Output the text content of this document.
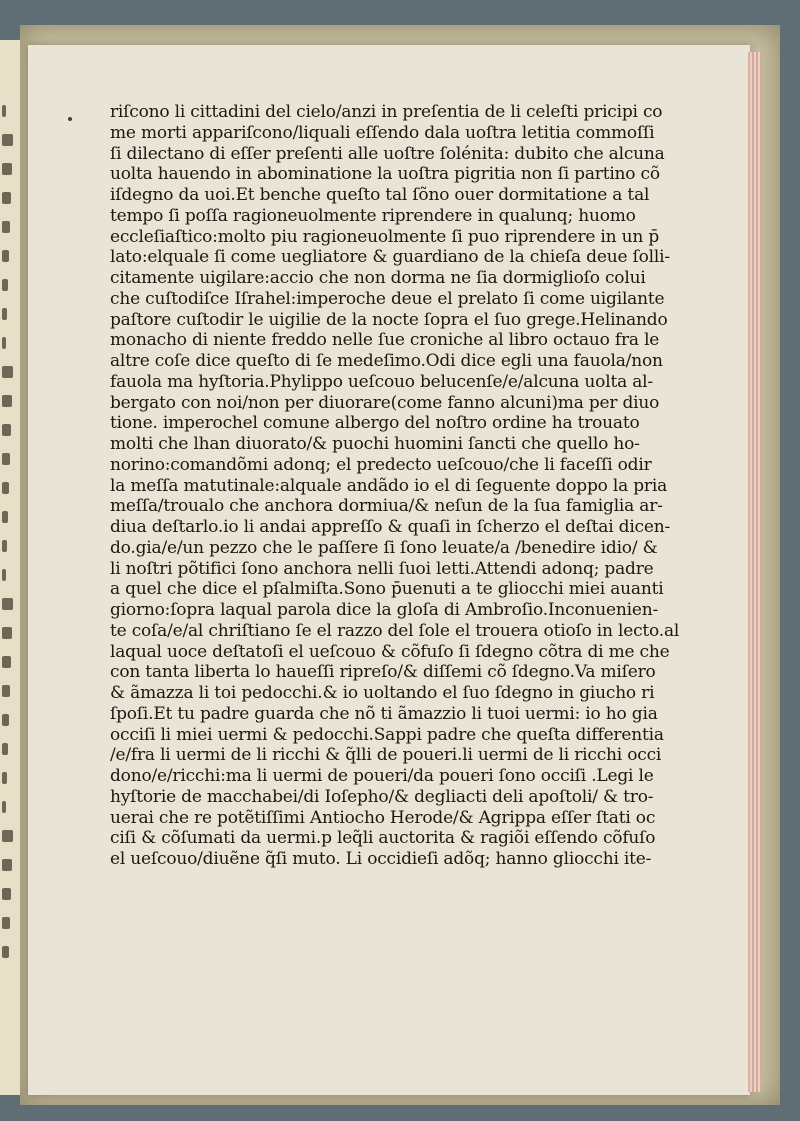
riſcono li cittadini del cielo/anzi in preſentia de li celeſti pricipi co
me morti appariſcono/liquali eſſendo dala uoſtra letitia commoſſi
ſi dilectano di eſſer preſenti alle uoſtre ſolénita: dubito che alcuna
uolta hauendo in abominatione la uoſtra pigritia non ſi partino cõ
iſdegno da uoi.Et benche queſto tal ſõno ouer dormitatione a tal
tempo ſi poſſa ragioneuolmente riprendere in qualunq; huomo
eccleſiaſtico:molto piu ragioneuolmente ſi puo riprendere in un p̄
lato:elquale ſi come uegliatore & guardiano de la chieſa deue ſolli-
citamente uigilare:accio che non dorma ne ſia dormiglioſo colui
che cuſtodiſce Iſrahel:imperoche deue el prelato ſi come uigilante
paſtore cuſtodir le uigilie de la nocte ſopra el ſuo grege.Helinando
monacho di niente freddo nelle ſue croniche al libro octauo fra le
altre coſe dice queſto di ſe medeſimo.Odi dice egli una fauola/non
fauola ma hyſtoria.Phylippo ueſcouo belucenſe/e/alcuna uolta al-
bergato con noi/non per diuorare(come fanno alcuni)ma per diuo
tione. imperochel comune albergo del noſtro ordine ha trouato
molti che lhan diuorato/& puochi huomini ſancti che quello ho-
norino:comandõmi adonq; el predecto ueſcouo/che li faceſſi odir
la meſſa matutinale:alquale andãdo io el di ſeguente doppo la pria
meſſa/troualo che anchora dormiua/& neſun de la ſua famiglia ar-
diua deſtarlo.io li andai appreſſo & quaſi in ſcherzo el deſtai dicen-
do.gia/e/un pezzo che le paſſere ſi ſono leuate/a /benedire idio/ &
li noſtri põtifici ſono anchora nelli ſuoi letti.Attendi adonq; padre
a quel che dice el pſalmiſta.Sono p̄uenuti a te gliocchi miei auanti
giorno:ſopra laqual parola dice la gloſa di Ambroſio.Inconuenien-
te coſa/e/al chriſtiano ſe el razzo del ſole el trouera otioſo in lecto.al
laqual uoce deſtatoſi el ueſcouo & cõfuſo ſi ſdegno cõtra di me che
con tanta liberta lo haueſſi ripreſo/& diſſemi cõ ſdegno.Va miſero
& ãmazza li toi pedocchi.& io uoltando el ſuo ſdegno in giucho ri
ſpoſi.Et tu padre guarda che nõ ti ãmazzio li tuoi uermi: io ho gia
occiſi li miei uermi & pedocchi.Sappi padre che queſta differentia
/e/fra li uermi de li ricchi & q̃lli de poueri.li uermi de li ricchi occi
dono/e/ricchi:ma li uermi de poueri/da poueri ſono occiſi .Legi le
hyſtorie de macchabei/di Ioſepho/& degliacti deli apoſtoli/ & tro-
uerai che re potẽtiſſimi Antiocho Herode/& Agrippa eſſer ſtati oc
ciſi & cõſumati da uermi.p leq̃li auctorita & ragiõi eſſendo cõfuſo
el ueſcouo/diuẽne q̃ſi muto. Li occidieſi adõq; hanno gliocchi ite-
